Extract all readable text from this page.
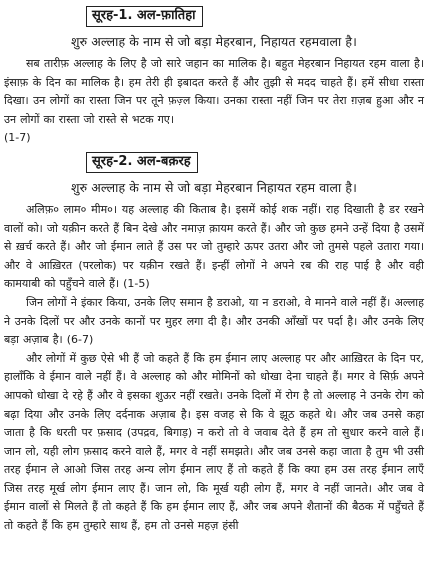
सूरह-1. अल-फ़ातिहा
शुरु अल्लाह के नाम से जो बड़ा मेहरबान, निहायत रहमवाला है।

सब तारीफ़ अल्लाह के लिए है जो सारे जहान का मालिक है। बहुत मेहरबान निहायत रहम वाला है। इंसाफ़ के दिन का मालिक है। हम तेरी ही इबादत करते हैं और तुझी से मदद चाहते हैं। हमें सीधा रास्ता दिखा। उन लोगों का रास्ता जिन पर तूने फ़ज़्ल किया। उनका रास्ता नहीं जिन पर तेरा ग़ज़ब हुआ और न उन लोगों का रास्ता जो रास्ते से भटक गए।
(1-7)

सूरह-2. अल-बक़रह
शुरु अल्लाह के नाम से जो बड़ा मेहरबान निहायत रहम वाला है।

अलिफ़० लाम० मीम०। यह अल्लाह की किताब है। इसमें कोई शक नहीं। राह दिखाती है डर रखने वालों को। जो यक़ीन करते हैं बिन देखे और नमाज़ क़ायम करते हैं। और जो कुछ हमने उन्हें दिया है उसमें से ख़र्च करते हैं। और जो ईमान लाते हैं उस पर जो तुम्हारे ऊपर उतरा और जो तुमसे पहले उतारा गया। और वे आख़िरत (परलोक) पर यक़ीन रखते हैं। इन्हीं लोगों ने अपने रब की राह पाई है और वही कामयाबी को पहुँचने वाले हैं। (1-5)

जिन लोगों ने इंकार किया, उनके लिए समान है डराओ, या न डराओ, वे मानने वाले नहीं हैं। अल्लाह ने उनके दिलों पर और उनके कानों पर मुहर लगा दी है। और उनकी आँखों पर पर्दा है। और उनके लिए बड़ा अज़ाब है। (6-7)

और लोगों में कुछ ऐसे भी हैं जो कहते हैं कि हम ईमान लाए अल्लाह पर और आख़िरत के दिन पर, हालाँकि वे ईमान वाले नहीं हैं। वे अल्लाह को और मोमिनों को धोखा देना चाहते हैं। मगर वे सिर्फ़ अपने आपको धोखा दे रहे हैं और वे इसका शुऊर नहीं रखते। उनके दिलों में रोग है तो अल्लाह ने उनके रोग को बढ़ा दिया और उनके लिए दर्दनाक अज़ाब है। इस वजह से कि वे झूठ कहते थे। और जब उनसे कहा जाता है कि धरती पर फ़साद (उपद्रव, बिगाड़) न करो तो वे जवाब देते हैं हम तो सुधार करने वाले हैं। जान लो, यही लोग फ़साद करने वाले हैं, मगर वे नहीं समझते। और जब उनसे कहा जाता है तुम भी उसी तरह ईमान ले आओ जिस तरह अन्य लोग ईमान लाए हैं तो कहते हैं कि क्या हम उस तरह ईमान लाएँ जिस तरह मूर्ख लोग ईमान लाए हैं। जान लो, कि मूर्ख यही लोग हैं, मगर वे नहीं जानते। और जब वे ईमान वालों से मिलते हैं तो कहते हैं कि हम ईमान लाए हैं, और जब अपने शैतानों की बैठक में पहुँचते हैं तो कहते हैं कि हम तुम्हारे साथ हैं, हम तो उनसे महज़ हंसी
